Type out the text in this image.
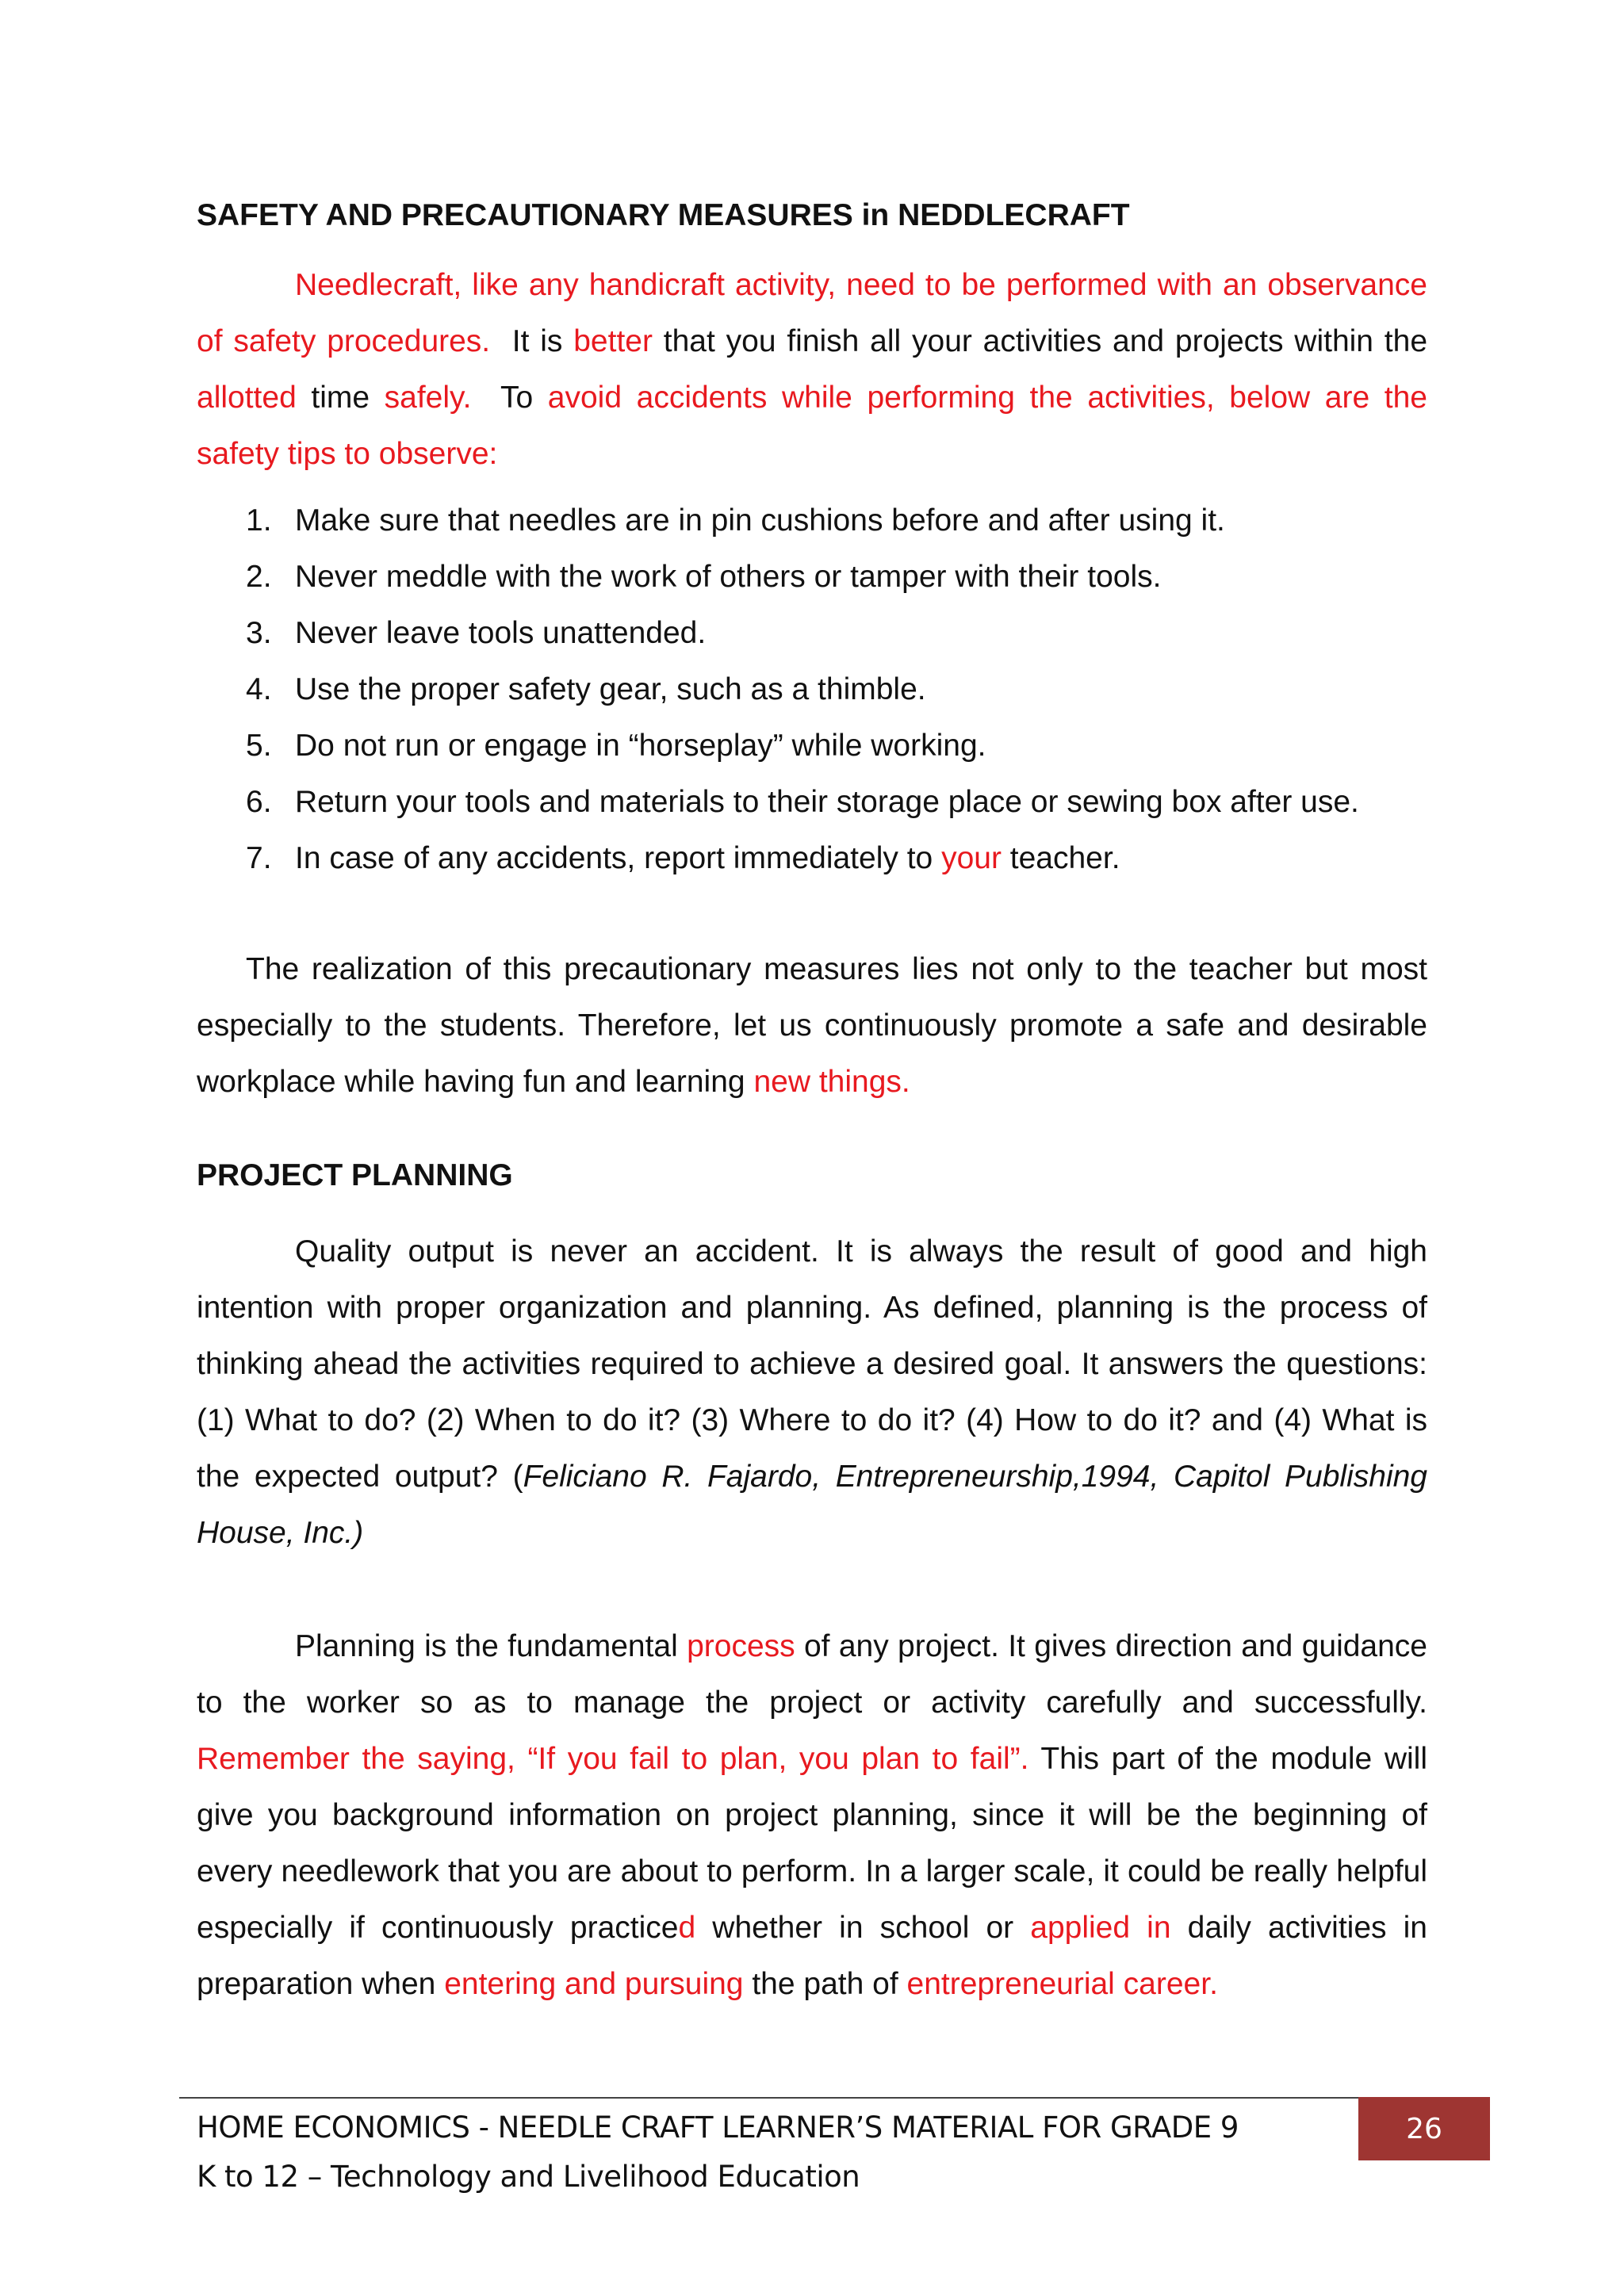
SAFETY AND PRECAUTIONARY MEASURES in NEDDLECRAFT

Needlecraft, like any handicraft activity, need to be performed with an observance of safety procedures.  It is better that you finish all your activities and projects within the allotted time safely.  To avoid accidents while performing the activities, below are the safety tips to observe:

1. Make sure that needles are in pin cushions before and after using it.
2. Never meddle with the work of others or tamper with their tools.
3. Never leave tools unattended.
4. Use the proper safety gear, such as a thimble.
5. Do not run or engage in “horseplay” while working.
6. Return your tools and materials to their storage place or sewing box after use.
7. In case of any accidents, report immediately to your teacher.

The realization of this precautionary measures lies not only to the teacher but most especially to the students. Therefore, let us continuously promote a safe and desirable workplace while having fun and learning new things.

PROJECT PLANNING

Quality output is never an accident. It is always the result of good and high intention with proper organization and planning. As defined, planning is the process of thinking ahead the activities required to achieve a desired goal. It answers the questions: (1) What to do? (2) When to do it? (3) Where to do it? (4) How to do it? and (4) What is the expected output? (Feliciano R. Fajardo, Entrepreneurship,1994, Capitol Publishing House, Inc.)

Planning is the fundamental process of any project. It gives direction and guidance to the worker so as to manage the project or activity carefully and successfully. Remember the saying, “If you fail to plan, you plan to fail”. This part of the module will give you background information on project planning, since it will be the beginning of every needlework that you are about to perform. In a larger scale, it could be really helpful especially if continuously practiced whether in school or applied in daily activities in preparation when entering and pursuing the path of entrepreneurial career.

26
HOME ECONOMICS - NEEDLE CRAFT LEARNER’S MATERIAL FOR GRADE 9
K to 12 – Technology and Livelihood Education
